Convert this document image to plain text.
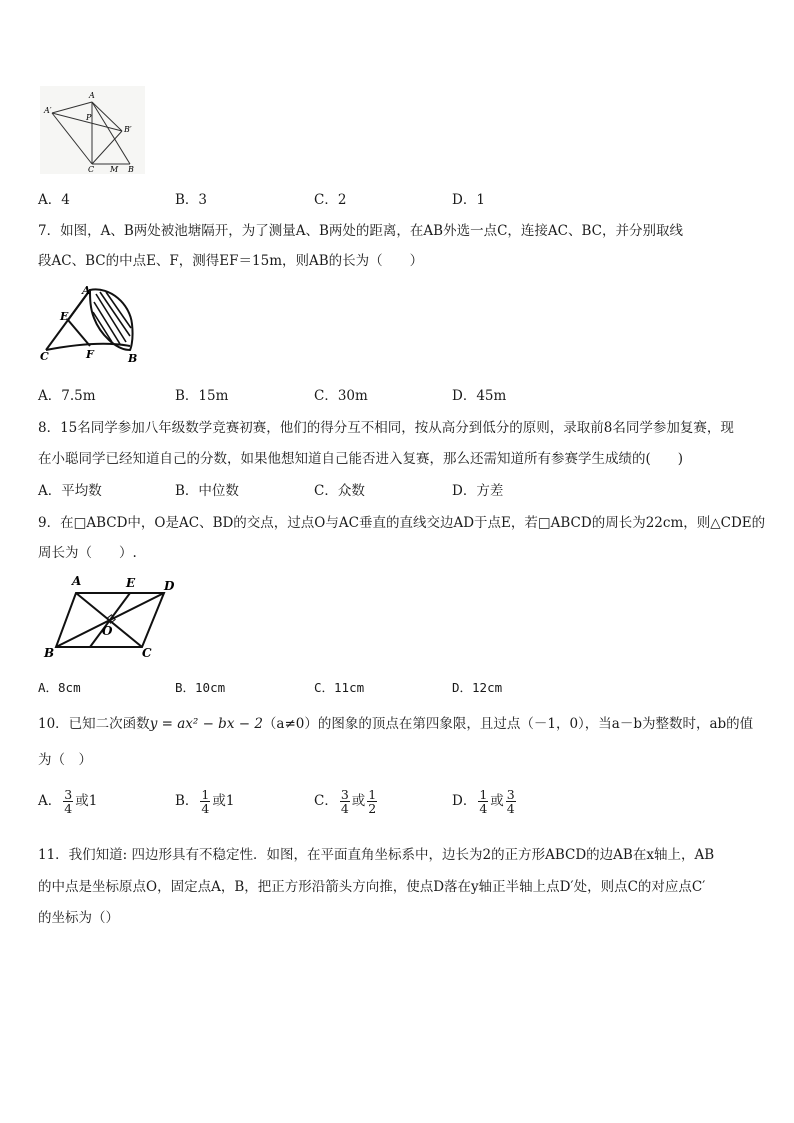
A′
A
P
B′
C M B
A．4	B．3	C．2	D．1
7．如图，A、B两处被池塘隔开，为了测量A、B两处的距离，在AB外选一点C，连接AC、BC，并分别取线
段AC、BC的中点E、F，测得EF＝15m，则AB的长为（　　）
A
E
C	F	B
A．7.5m	B．15m	C．30m	D．45m
8．15名同学参加八年级数学竞赛初赛，他们的得分互不相同，按从高分到低分的原则，录取前8名同学参加复赛，现
在小聪同学已经知道自己的分数，如果他想知道自己能否进入复赛，那么还需知道所有参赛学生成绩的(　　)
A．平均数	B．中位数	C．众数	D．方差
9．在□ABCD中，O是AC、BD的交点，过点O与AC垂直的直线交边AD于点E，若□ABCD的周长为22cm，则△CDE的
周长为（　　）.
A	E D
O
B	C
A．8cm	B．10cm	C．11cm	D．12cm
10．已知二次函数y = ax² − bx − 2（a≠0）的图象的顶点在第四象限，且过点（－1，0），当a－b为整数时，ab的值
为（　）
A． $\frac{3}{4}$ 或1	B． $\frac{1}{4}$ 或1	C． $\frac{3}{4}$ 或 $\frac{1}{2}$	D． $\frac{1}{4}$ 或 $\frac{3}{4}$
11．我们知道: 四边形具有不稳定性．如图，在平面直角坐标系中，边长为2的正方形ABCD的边AB在x轴上，AB
的中点是坐标原点O，固定点A，B，把正方形沿箭头方向推，使点D落在y轴正半轴上点D′处，则点C的对应点C′
的坐标为（）
